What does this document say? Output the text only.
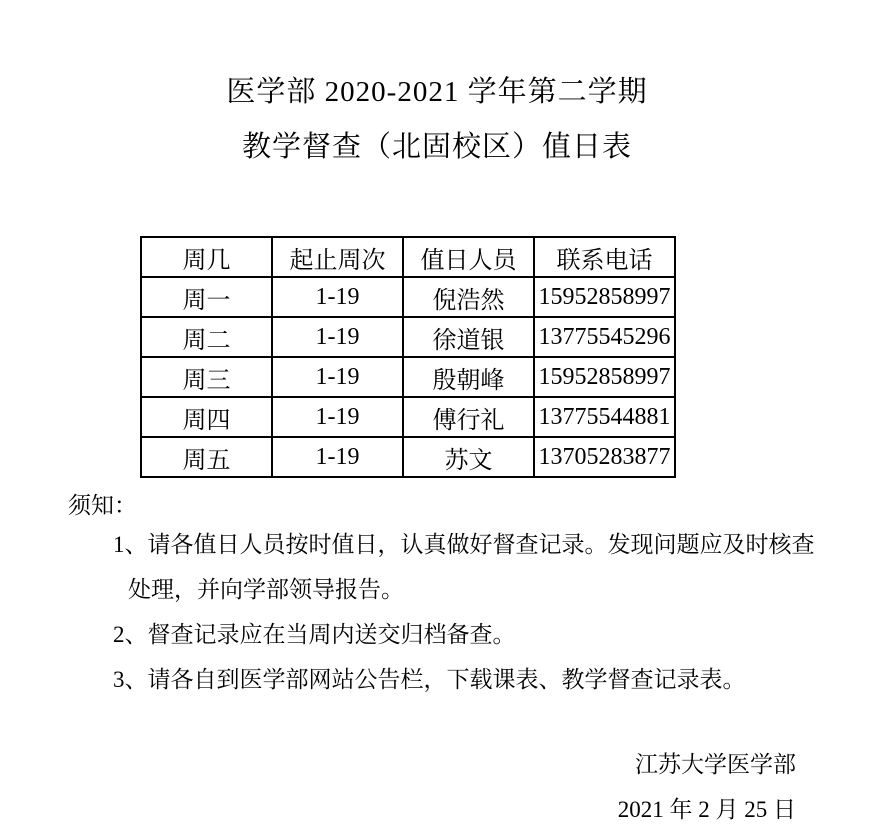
医学部 2020-2021 学年第二学期
教学督查（北固校区）值日表
周几	起止周次	值日人员	联系电话
周一	1-19	倪浩然	15952858997
周二	1-19	徐道银	13775545296
周三	1-19	殷朝峰	15952858997
周四	1-19	傅行礼	13775544881
周五	1-19	苏文	13705283877
须知：
1、请各值日人员按时值日，认真做好督查记录。发现问题应及时核查
处理，并向学部领导报告。
2、督查记录应在当周内送交归档备查。
3、请各自到医学部网站公告栏，下载课表、教学督查记录表。
江苏大学医学部
2021 年 2 月 25 日
